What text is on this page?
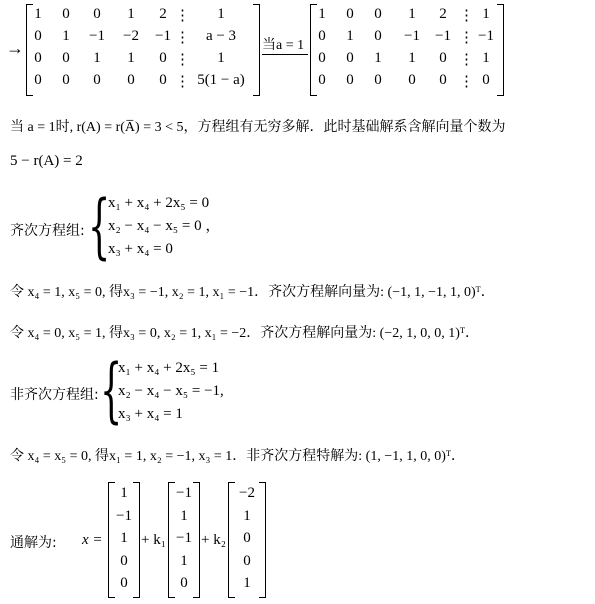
→
1	0	0	1	2 ⋮	1
0	1	−1	−2	−1 ⋮	a − 3
0	0	1	1	0 ⋮	1
0	0	0	0	0 ⋮ 5(1 − a)
当a = 1
1	0	0	1	2 ⋮ 1
0	1	0	−1	−1 ⋮ −1
0	0	1	1	0 ⋮ 1
0	0	0	0	0 ⋮ 0
当 a = 1时, r(A) = r(A̅) = 3 < 5，方程组有无穷多解．此时基础解系含解向量个数为
5 − r(A) = 2
齐次方程组: {
x₁ + x₄ + 2x₅ = 0
x₂ − x₄ − x₅ = 0 ，
x₃ + x₄ = 0
令 x₄ = 1, x₅ = 0, 得x₃ = −1, x₂ = 1, x₁ = −1．齐次方程解向量为: (−1, 1, −1, 1, 0)ᵀ．
令 x₄ = 0, x₅ = 1, 得x₃ = 0, x₂ = 1, x₁ = −2．齐次方程解向量为: (−2, 1, 0, 0, 1)ᵀ．
非齐次方程组: {
x₁ + x₄ + 2x₅ = 1
x₂ − x₄ − x₅ = −1,
x₃ + x₄ = 1
令 x₄ = x₅ = 0, 得x₁ = 1, x₂ = −1, x₃ = 1．非齐次方程特解为: (1, −1, 1, 0, 0)ᵀ．
通解为: x =
1
−1
1
0
0
+ k₁
−1
1
−1
1
0
+ k₂
−2
1
0
0
1
